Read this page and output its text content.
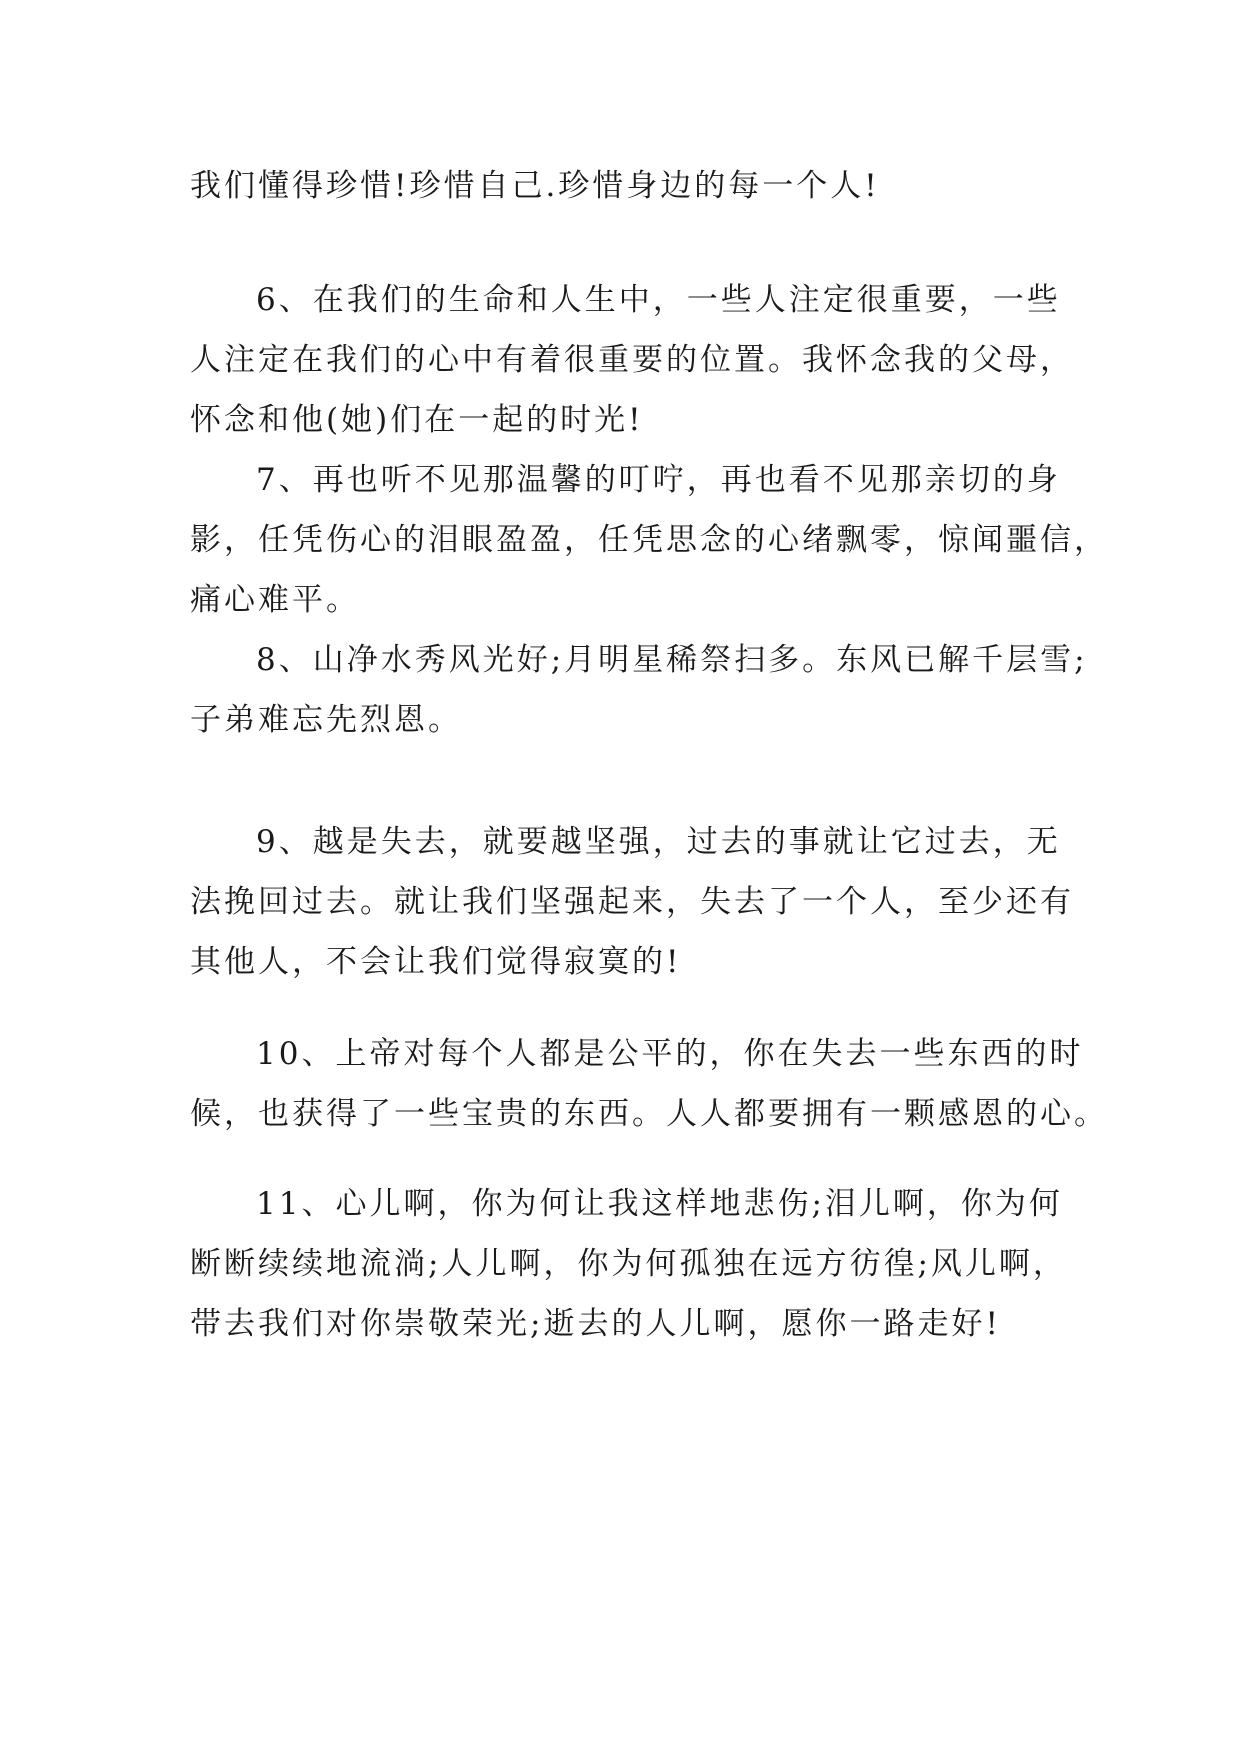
我们懂得珍惜!珍惜自己.珍惜身边的每一个人!

6、在我们的生命和人生中，一些人注定很重要，一些
人注定在我们的心中有着很重要的位置。我怀念我的父母，
怀念和他(她)们在一起的时光!

7、再也听不见那温馨的叮咛，再也看不见那亲切的身
影，任凭伤心的泪眼盈盈，任凭思念的心绪飘零，惊闻噩信，
痛心难平。

8、山净水秀风光好;月明星稀祭扫多。东风已解千层雪;
子弟难忘先烈恩。

9、越是失去，就要越坚强，过去的事就让它过去，无
法挽回过去。就让我们坚强起来，失去了一个人，至少还有
其他人，不会让我们觉得寂寞的!

10、上帝对每个人都是公平的，你在失去一些东西的时
候，也获得了一些宝贵的东西。人人都要拥有一颗感恩的心。

11、心儿啊，你为何让我这样地悲伤;泪儿啊，你为何
断断续续地流淌;人儿啊，你为何孤独在远方彷徨;风儿啊，
带去我们对你崇敬荣光;逝去的人儿啊，愿你一路走好!
